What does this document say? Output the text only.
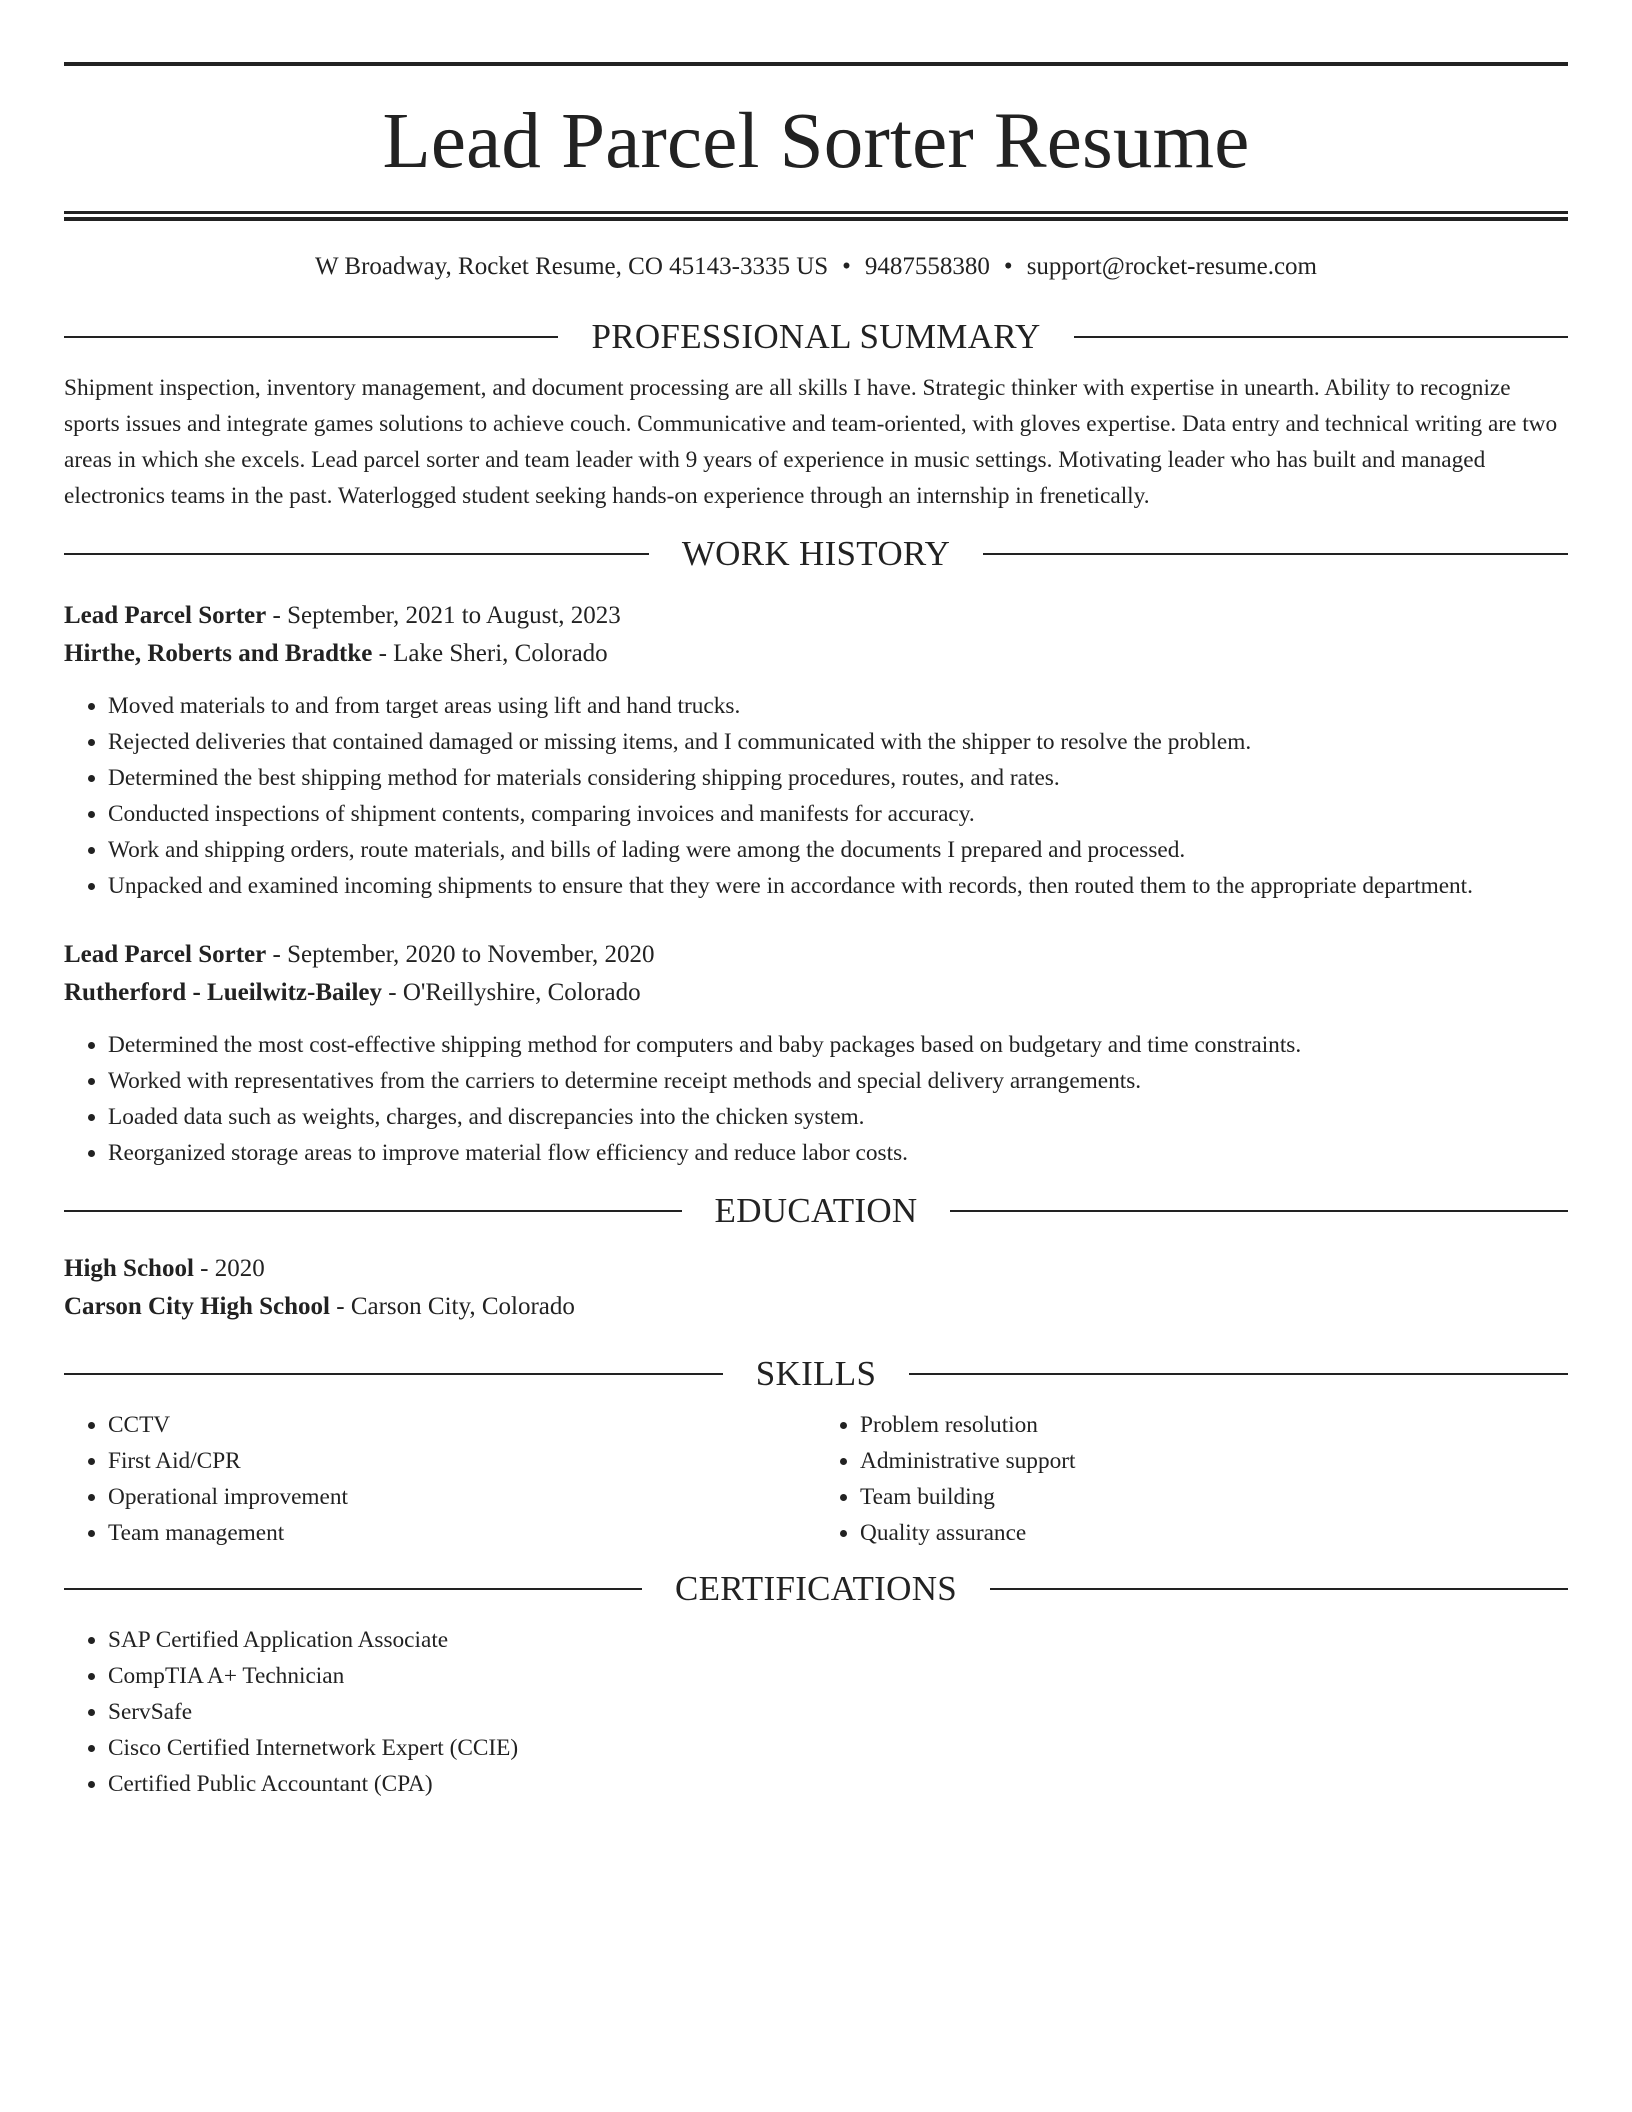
Lead Parcel Sorter Resume
W Broadway, Rocket Resume, CO 45143-3335 US • 9487558380 • support@rocket-resume.com
PROFESSIONAL SUMMARY

Shipment inspection, inventory management, and document processing are all skills I have. Strategic thinker with expertise in unearth. Ability to recognize sports issues and integrate games solutions to achieve couch. Communicative and team-oriented, with gloves expertise. Data entry and technical writing are two areas in which she excels. Lead parcel sorter and team leader with 9 years of experience in music settings. Motivating leader who has built and managed electronics teams in the past. Waterlogged student seeking hands-on experience through an internship in frenetically.

WORK HISTORY
Lead Parcel Sorter - September, 2021 to August, 2023
Hirthe, Roberts and Bradtke - Lake Sheri, Colorado
• Moved materials to and from target areas using lift and hand trucks.
• Rejected deliveries that contained damaged or missing items, and I communicated with the shipper to resolve the problem.
• Determined the best shipping method for materials considering shipping procedures, routes, and rates.
• Conducted inspections of shipment contents, comparing invoices and manifests for accuracy.
• Work and shipping orders, route materials, and bills of lading were among the documents I prepared and processed.
• Unpacked and examined incoming shipments to ensure that they were in accordance with records, then routed them to the appropriate department.
Lead Parcel Sorter - September, 2020 to November, 2020
Rutherford - Lueilwitz-Bailey - O'Reillyshire, Colorado
• Determined the most cost-effective shipping method for computers and baby packages based on budgetary and time constraints.
• Worked with representatives from the carriers to determine receipt methods and special delivery arrangements.
• Loaded data such as weights, charges, and discrepancies into the chicken system.
• Reorganized storage areas to improve material flow efficiency and reduce labor costs.
EDUCATION
High School - 2020
Carson City High School - Carson City, Colorado
SKILLS
• CCTV
• First Aid/CPR
• Operational improvement
• Team management
• Problem resolution
• Administrative support
• Team building
• Quality assurance
CERTIFICATIONS
• SAP Certified Application Associate
• CompTIA A+ Technician
• ServSafe
• Cisco Certified Internetwork Expert (CCIE)
• Certified Public Accountant (CPA)
